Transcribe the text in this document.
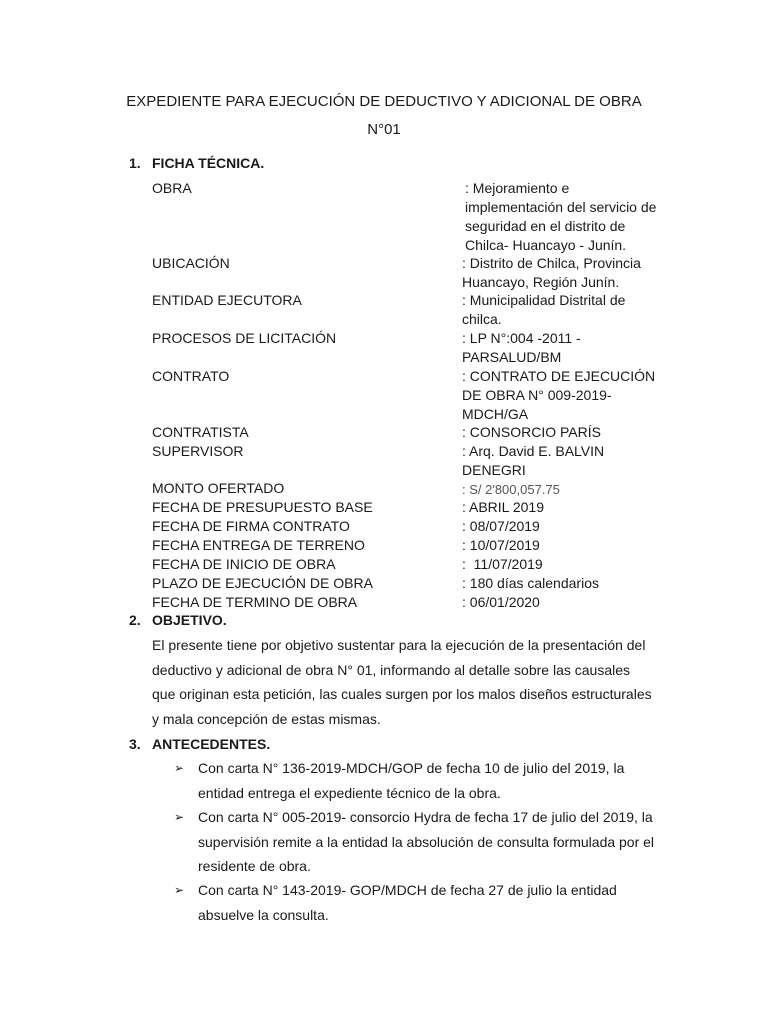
EXPEDIENTE PARA EJECUCIÓN DE DEDUCTIVO Y ADICIONAL DE OBRA
N°01
1. FICHA TÉCNICA.
OBRA	: Mejoramiento e implementación del servicio de seguridad en el distrito de Chilca- Huancayo - Junín.
UBICACIÓN	: Distrito de Chilca, Provincia Huancayo, Región Junín.
ENTIDAD EJECUTORA	: Municipalidad Distrital de chilca.
PROCESOS DE LICITACIÓN	: LP N°:004 -2011 - PARSALUD/BM
CONTRATO	: CONTRATO DE EJECUCIÓN DE OBRA N° 009-2019-MDCH/GA
CONTRATISTA	: CONSORCIO PARÍS
SUPERVISOR	: Arq. David E. BALVIN DENEGRI
MONTO OFERTADO	: S/ 2'800,057.75
FECHA DE PRESUPUESTO BASE	: ABRIL 2019
FECHA DE FIRMA CONTRATO	: 08/07/2019
FECHA ENTREGA DE TERRENO	: 10/07/2019
FECHA DE INICIO DE OBRA	:  11/07/2019
PLAZO DE EJECUCIÓN DE OBRA	: 180 días calendarios
FECHA DE TERMINO DE OBRA	: 06/01/2020
2. OBJETIVO.
El presente tiene por objetivo sustentar para la ejecución de la presentación del deductivo y adicional de obra N° 01, informando al detalle sobre las causales que originan esta petición, las cuales surgen por los malos diseños estructurales y mala concepción de estas mismas.
3. ANTECEDENTES.
➢ Con carta N° 136-2019-MDCH/GOP de fecha 10 de julio del 2019, la entidad entrega el expediente técnico de la obra.
➢ Con carta N° 005-2019- consorcio Hydra de fecha 17 de julio del 2019, la supervisión remite a la entidad la absolución de consulta formulada por el residente de obra.
➢ Con carta N° 143-2019- GOP/MDCH de fecha 27 de julio la entidad absuelve la consulta.
